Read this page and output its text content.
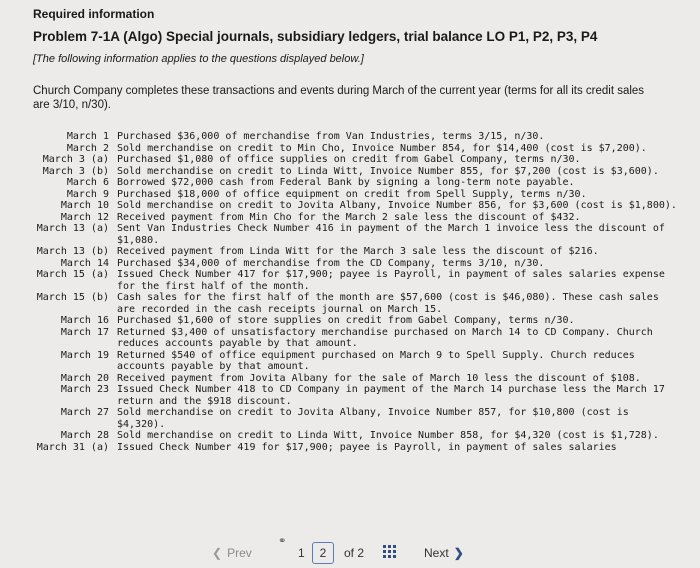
Required information
Problem 7-1A (Algo) Special journals, subsidiary ledgers, trial balance LO P1, P2, P3, P4
[The following information applies to the questions displayed below.]
Church Company completes these transactions and events during March of the current year (terms for all its credit sales are 3/10, n/30).
March 1 Purchased $36,000 of merchandise from Van Industries, terms 3/15, n/30.
March 2 Sold merchandise on credit to Min Cho, Invoice Number 854, for $14,400 (cost is $7,200).
March 3 (a) Purchased $1,080 of office supplies on credit from Gabel Company, terms n/30.
March 3 (b) Sold merchandise on credit to Linda Witt, Invoice Number 855, for $7,200 (cost is $3,600).
March 6 Borrowed $72,000 cash from Federal Bank by signing a long-term note payable.
March 9 Purchased $18,000 of office equipment on credit from Spell Supply, terms n/30.
March 10 Sold merchandise on credit to Jovita Albany, Invoice Number 856, for $3,600 (cost is $1,800).
March 12 Received payment from Min Cho for the March 2 sale less the discount of $432.
March 13 (a) Sent Van Industries Check Number 416 in payment of the March 1 invoice less the discount of $1,080.
March 13 (b) Received payment from Linda Witt for the March 3 sale less the discount of $216.
March 14 Purchased $34,000 of merchandise from the CD Company, terms 3/10, n/30.
March 15 (a) Issued Check Number 417 for $17,900; payee is Payroll, in payment of sales salaries expense for the first half of the month.
March 15 (b) Cash sales for the first half of the month are $57,600 (cost is $46,080). These cash sales are recorded in the cash receipts journal on March 15.
March 16 Purchased $1,600 of store supplies on credit from Gabel Company, terms n/30.
March 17 Returned $3,400 of unsatisfactory merchandise purchased on March 14 to CD Company. Church reduces accounts payable by that amount.
March 19 Returned $540 of office equipment purchased on March 9 to Spell Supply. Church reduces accounts payable by that amount.
March 20 Received payment from Jovita Albany for the sale of March 10 less the discount of $108.
March 23 Issued Check Number 418 to CD Company in payment of the March 14 purchase less the March 17 return and the $918 discount.
March 27 Sold merchandise on credit to Jovita Albany, Invoice Number 857, for $10,800 (cost is $4,320).
March 28 Sold merchandise on credit to Linda Witt, Invoice Number 858, for $4,320 (cost is $1,728).
March 31 (a) Issued Check Number 419 for $17,900; payee is Payroll, in payment of sales salaries
❮ Prev
⚭
1	2	of 2	Next ❯
